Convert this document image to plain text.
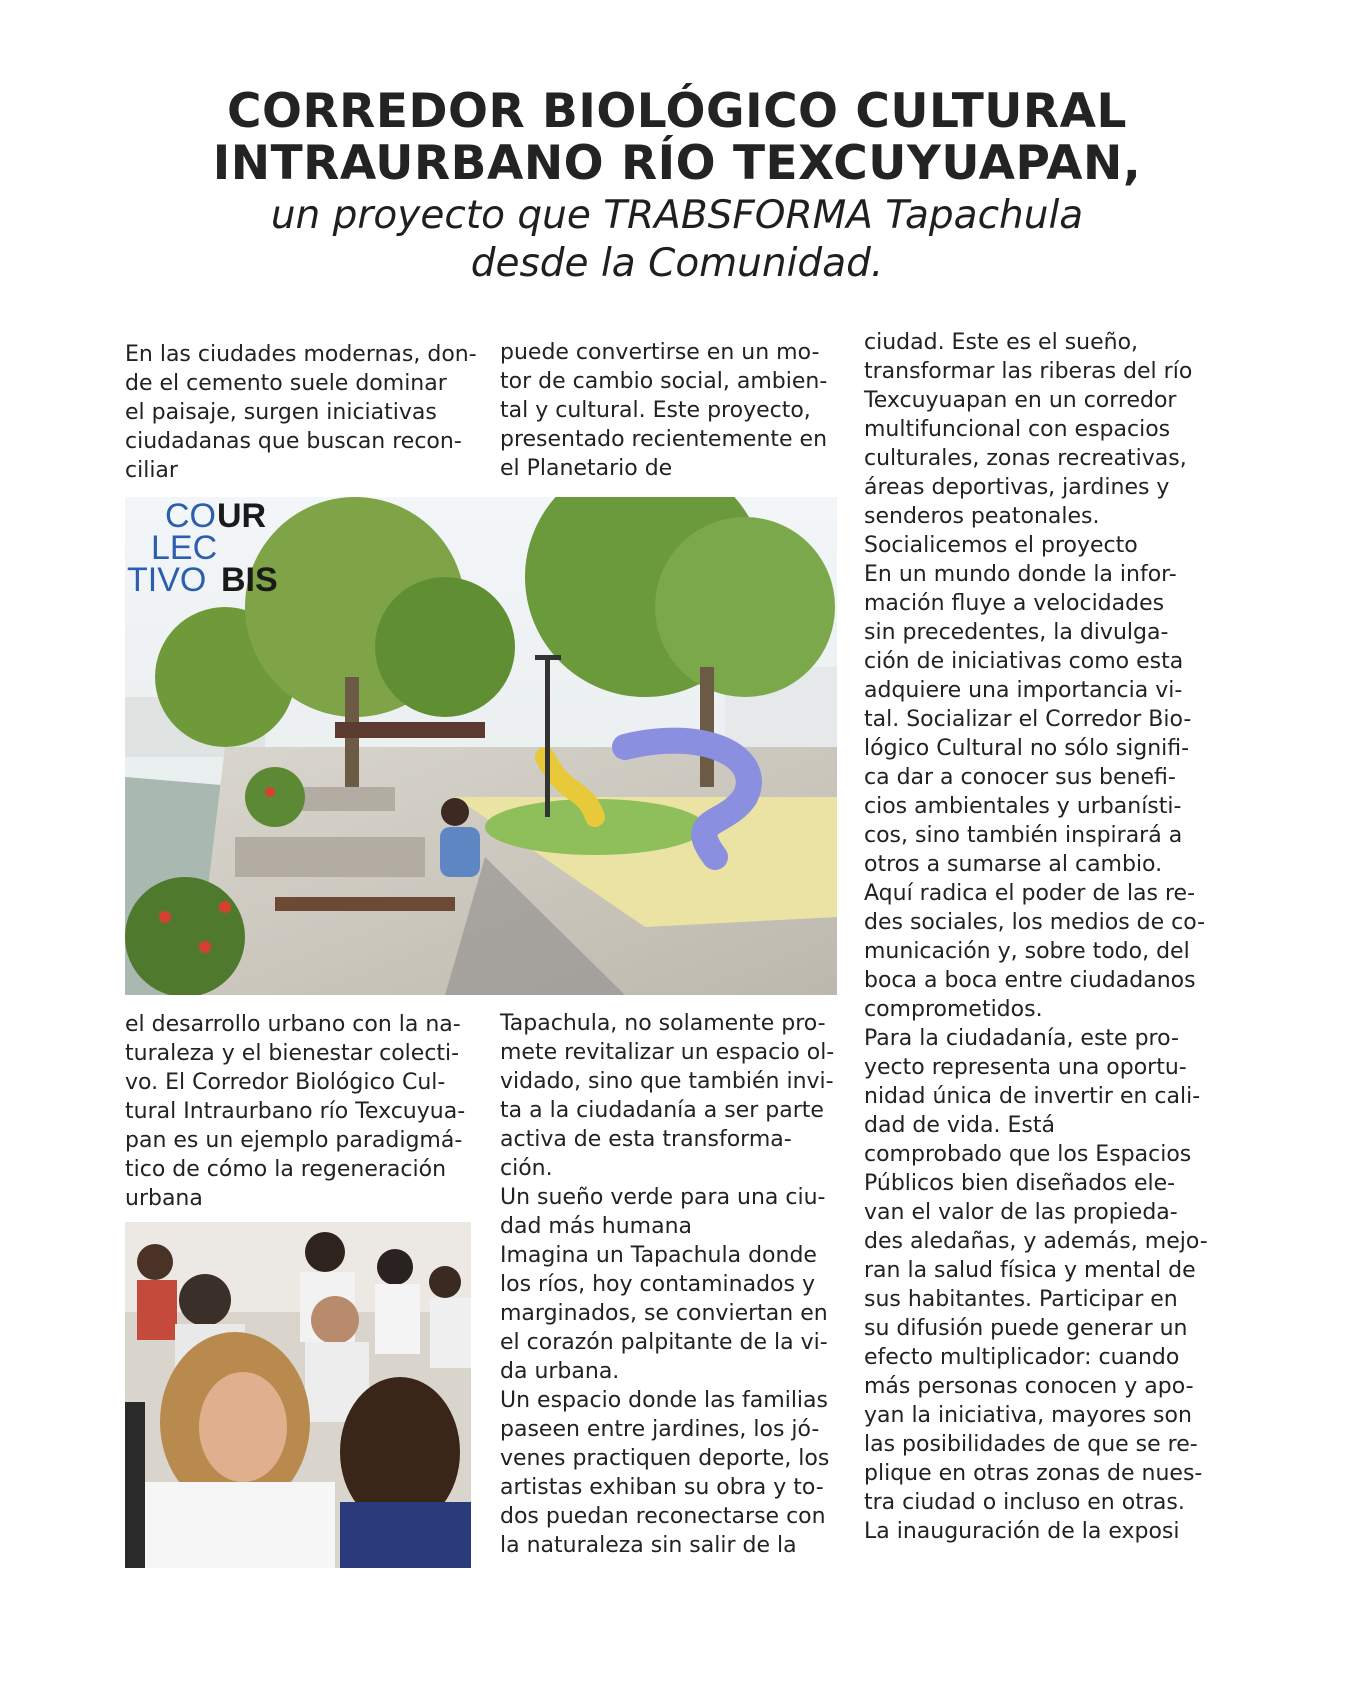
CORREDOR BIOLÓGICO CULTURAL
INTRAURBANO RÍO TEXCUYUAPAN,
un proyecto que TRABSFORMA Tapachula
desde la Comunidad.
En las ciudades modernas, don-
de el cemento suele dominar
el paisaje, surgen iniciativas
ciudadanas que buscan recon-
ciliar
puede convertirse en un mo-
tor de cambio social, ambien-
tal y cultural. Este proyecto,
presentado recientemente en
el Planetario de
CO UR
LEC
TIVO BIS
el desarrollo urbano con la na-
turaleza y el bienestar colecti-
vo. El Corredor Biológico Cul-
tural Intraurbano río Texcuyua-
pan es un ejemplo paradigmá-
tico de cómo la regeneración
urbana
Tapachula, no solamente pro-
mete revitalizar un espacio ol-
vidado, sino que también invi-
ta a la ciudadanía a ser parte
activa de esta transforma-
ción.
Un sueño verde para una ciu-
dad más humana
Imagina un Tapachula donde
los ríos, hoy contaminados y
marginados, se conviertan en
el corazón palpitante de la vi-
da urbana.
Un espacio donde las familias
paseen entre jardines, los jó-
venes practiquen deporte, los
artistas exhiban su obra y to-
dos puedan reconectarse con
la naturaleza sin salir de la
ciudad. Este es el sueño,
transformar las riberas del río
Texcuyuapan en un corredor
multifuncional con espacios
culturales, zonas recreativas,
áreas deportivas, jardines y
senderos peatonales.
Socialicemos el proyecto
En un mundo donde la infor-
mación fluye a velocidades
sin precedentes, la divulga-
ción de iniciativas como esta
adquiere una importancia vi-
tal. Socializar el Corredor Bio-
lógico Cultural no sólo signifi-
ca dar a conocer sus benefi-
cios ambientales y urbanísti-
cos, sino también inspirará a
otros a sumarse al cambio.
Aquí radica el poder de las re-
des sociales, los medios de co-
municación y, sobre todo, del
boca a boca entre ciudadanos
comprometidos.
Para la ciudadanía, este pro-
yecto representa una oportu-
nidad única de invertir en cali-
dad de vida. Está
comprobado que los Espacios
Públicos bien diseñados ele-
van el valor de las propieda-
des aledañas, y además, mejo-
ran la salud física y mental de
sus habitantes. Participar en
su difusión puede generar un
efecto multiplicador: cuando
más personas conocen y apo-
yan la iniciativa, mayores son
las posibilidades de que se re-
plique en otras zonas de nues-
tra ciudad o incluso en otras.
La inauguración de la exposi
